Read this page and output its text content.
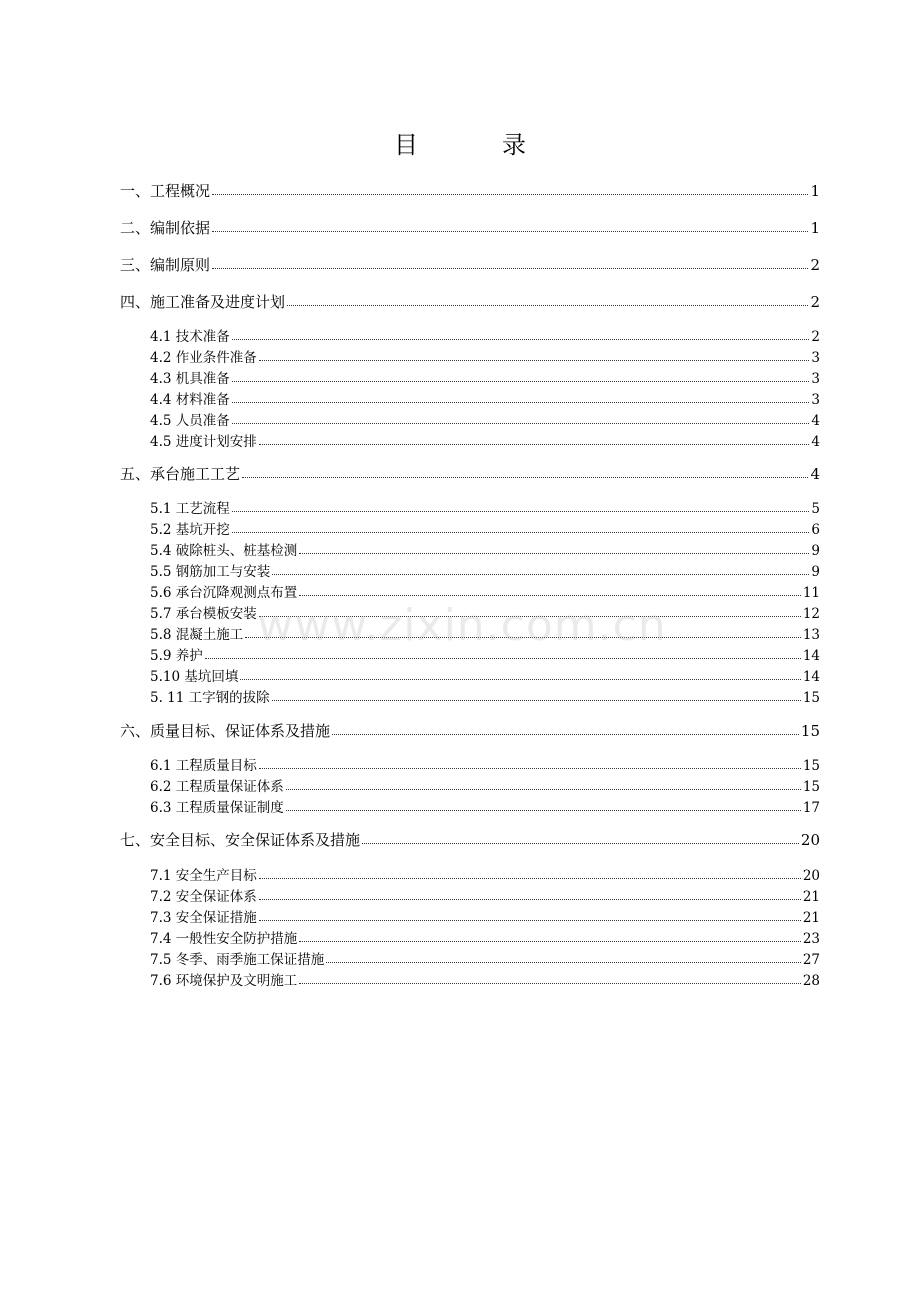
目　录
一、工程概况	1
二、编制依据	1
三、编制原则	2
四、施工准备及进度计划	2
4.1 技术准备	2
4.2 作业条件准备	3
4.3 机具准备	3
4.4 材料准备	3
4.5 人员准备	4
4.5 进度计划安排	4
五、承台施工工艺	4
5.1 工艺流程	5
5.2 基坑开挖	6
5.4 破除桩头、桩基检测	9
5.5 钢筋加工与安装	9
5.6 承台沉降观测点布置	11
5.7 承台模板安装	12
5.8 混凝土施工	13
5.9 养护	14
5.10 基坑回填	14
5. 11 工字钢的拔除	15
六、质量目标、保证体系及措施	15
6.1 工程质量目标	15
6.2 工程质量保证体系	15
6.3 工程质量保证制度	17
七、安全目标、安全保证体系及措施	20
7.1 安全生产目标	20
7.2 安全保证体系	21
7.3 安全保证措施	21
7.4 一般性安全防护措施	23
7.5 冬季、雨季施工保证措施	27
7.6 环境保护及文明施工	28
www.zixin.com.cn
